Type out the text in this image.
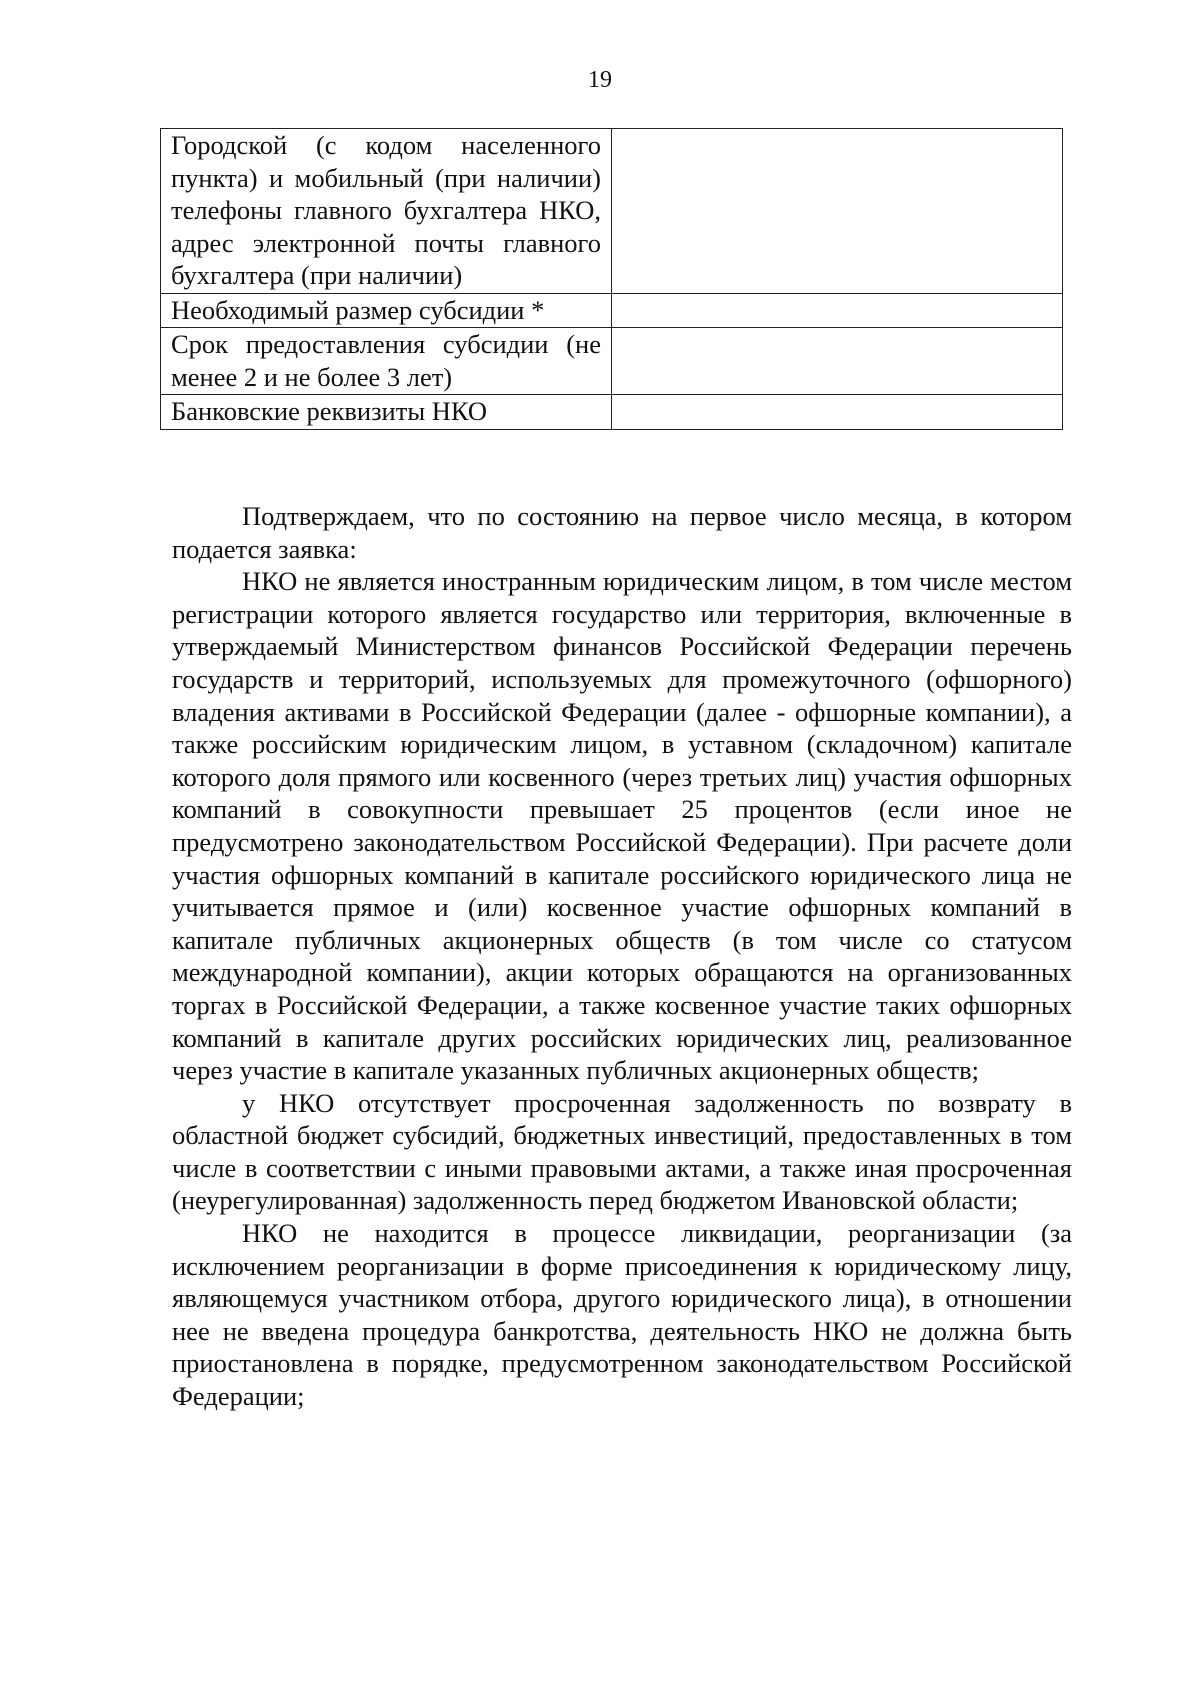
19
Городской (с кодом населенного пункта) и мобильный (при наличии) телефоны главного бухгалтера НКО, адрес электронной почты главного бухгалтера (при наличии)	
Необходимый размер субсидии *	
Срок предоставления субсидии (не менее 2 и не более 3 лет)	
Банковские реквизиты НКО	

Подтверждаем, что по состоянию на первое число месяца, в котором подается заявка:

НКО не является иностранным юридическим лицом, в том числе местом регистрации которого является государство или территория, включенные в утверждаемый Министерством финансов Российской Федерации перечень государств и территорий, используемых для промежуточного (офшорного) владения активами в Российской Федерации (далее - офшорные компании), а также российским юридическим лицом, в уставном (складочном) капитале которого доля прямого или косвенного (через третьих лиц) участия офшорных компаний в совокупности превышает 25 процентов (если иное не предусмотрено законодательством Российской Федерации). При расчете доли участия офшорных компаний в капитале российского юридического лица не учитывается прямое и (или) косвенное участие офшорных компаний в капитале публичных акционерных обществ (в том числе со статусом международной компании), акции которых обращаются на организованных торгах в Российской Федерации, а также косвенное участие таких офшорных компаний в капитале других российских юридических лиц, реализованное через участие в капитале указанных публичных акционерных обществ;

у НКО отсутствует просроченная задолженность по возврату в областной бюджет субсидий, бюджетных инвестиций, предоставленных в том числе в соответствии с иными правовыми актами, а также иная просроченная (неурегулированная) задолженность перед бюджетом Ивановской области;

НКО не находится в процессе ликвидации, реорганизации (за исключением реорганизации в форме присоединения к юридическому лицу, являющемуся участником отбора, другого юридического лица), в отношении нее не введена процедура банкротства, деятельность НКО не должна быть приостановлена в порядке, предусмотренном законодательством Российской Федерации;
